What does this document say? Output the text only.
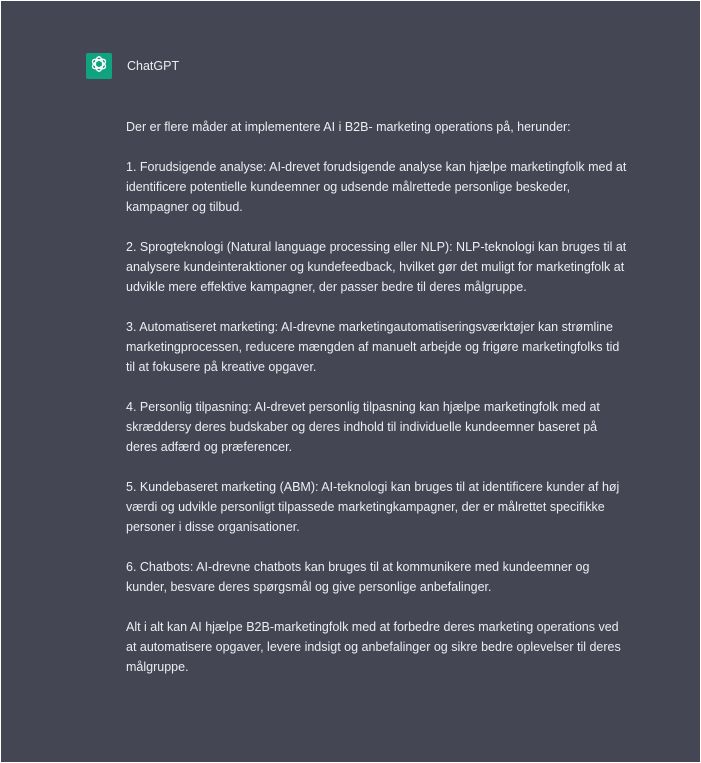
ChatGPT

Der er flere måder at implementere AI i B2B- marketing operations på, herunder:

1. Forudsigende analyse: AI-drevet forudsigende analyse kan hjælpe marketingfolk med at identificere potentielle kundeemner og udsende målrettede personlige beskeder, kampagner og tilbud.

2. Sprogteknologi (Natural language processing eller NLP): NLP-teknologi kan bruges til at analysere kundeinteraktioner og kundefeedback, hvilket gør det muligt for marketingfolk at udvikle mere effektive kampagner, der passer bedre til deres målgruppe.

3. Automatiseret marketing: AI-drevne marketingautomatiseringsværktøjer kan strømline marketingprocessen, reducere mængden af manuelt arbejde og frigøre marketingfolks tid til at fokusere på kreative opgaver.

4. Personlig tilpasning: AI-drevet personlig tilpasning kan hjælpe marketingfolk med at skræddersy deres budskaber og deres indhold til individuelle kundeemner baseret på deres adfærd og præferencer.

5. Kundebaseret marketing (ABM): AI-teknologi kan bruges til at identificere kunder af høj værdi og udvikle personligt tilpassede marketingkampagner, der er målrettet specifikke personer i disse organisationer.

6. Chatbots: AI-drevne chatbots kan bruges til at kommunikere med kundeemner og kunder, besvare deres spørgsmål og give personlige anbefalinger.

Alt i alt kan AI hjælpe B2B-marketingfolk med at forbedre deres marketing operations ved at automatisere opgaver, levere indsigt og anbefalinger og sikre bedre oplevelser til deres målgruppe.
